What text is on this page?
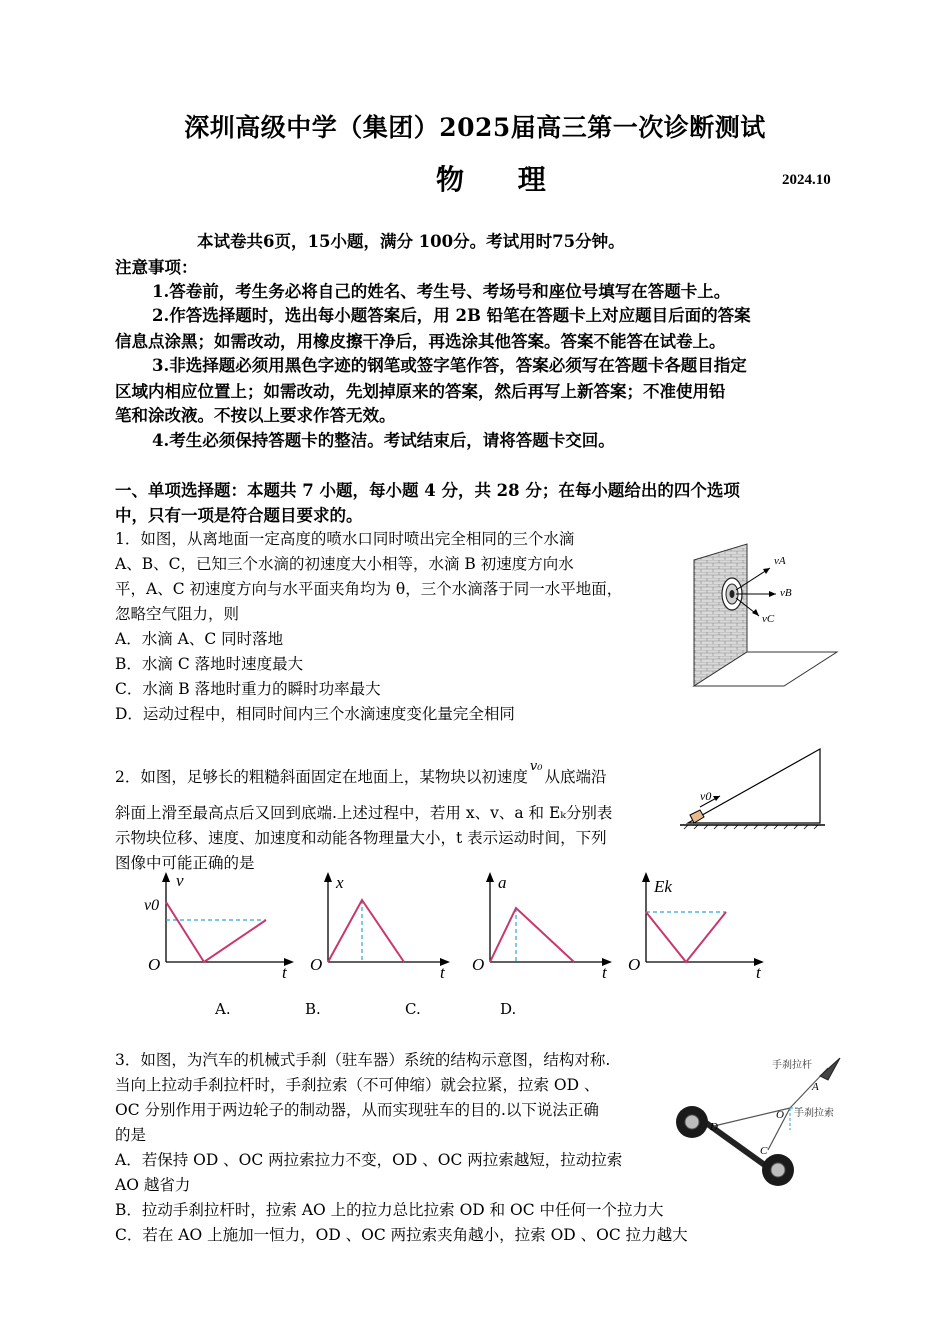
深圳高级中学（集团）2025届高三第一次诊断测试
物 理	2024.10
本试卷共6页，15小题，满分 100分。考试用时75分钟。
注意事项：
1.答卷前，考生务必将自己的姓名、考生号、考场号和座位号填写在答题卡上。
2.作答选择题时，选出每小题答案后，用 2B 铅笔在答题卡上对应题目后面的答案
信息点涂黑；如需改动，用橡皮擦干净后，再选涂其他答案。答案不能答在试卷上。
3.非选择题必须用黑色字迹的钢笔或签字笔作答，答案必须写在答题卡各题目指定
区域内相应位置上；如需改动，先划掉原来的答案，然后再写上新答案；不准使用铅
笔和涂改液。不按以上要求作答无效。
4.考生必须保持答题卡的整洁。考试结束后，请将答题卡交回。
一、单项选择题：本题共 7 小题，每小题 4 分，共 28 分；在每小题给出的四个选项
中，只有一项是符合题目要求的。
1．如图，从离地面一定高度的喷水口同时喷出完全相同的三个水滴
A、B、C，已知三个水滴的初速度大小相等，水滴 B 初速度方向水
平，A、C 初速度方向与水平面夹角均为 θ，三个水滴落于同一水平地面，
忽略空气阻力，则
A．水滴 A、C 同时落地
B．水滴 C 落地时速度最大
C．水滴 B 落地时重力的瞬时功率最大
D．运动过程中，相同时间内三个水滴速度变化量完全相同
vA
vB
vC
2．如图，足够长的粗糙斜面固定在地面上，某物块以初速度$^{v_0}$从底端沿
斜面上滑至最高点后又回到底端.上述过程中，若用 x、v、a 和 Eₖ分别表
示物块位移、速度、加速度和动能各物理量大小，t 表示运动时间，下列
图像中可能正确的是
v0
v
v0
O	t
x
O	t
a
O	t
Ek
O	t
A.	B.	C.	D.
3．如图，为汽车的机械式手刹（驻车器）系统的结构示意图，结构对称.
当向上拉动手刹拉杆时，手刹拉索（不可伸缩）就会拉紧，拉索 OD 、
OC 分别作用于两边轮子的制动器，从而实现驻车的目的.以下说法正确
的是
A．若保持 OD 、OC 两拉索拉力不变，OD 、OC 两拉索越短，拉动拉索
AO 越省力
B．拉动手刹拉杆时，拉索 AO 上的拉力总比拉索 OD 和 OC 中任何一个拉力大
C．若在 AO 上施加一恒力，OD 、OC 两拉索夹角越小，拉索 OD 、OC 拉力越大
手刹拉杆
手刹拉索
A
O
D
C
